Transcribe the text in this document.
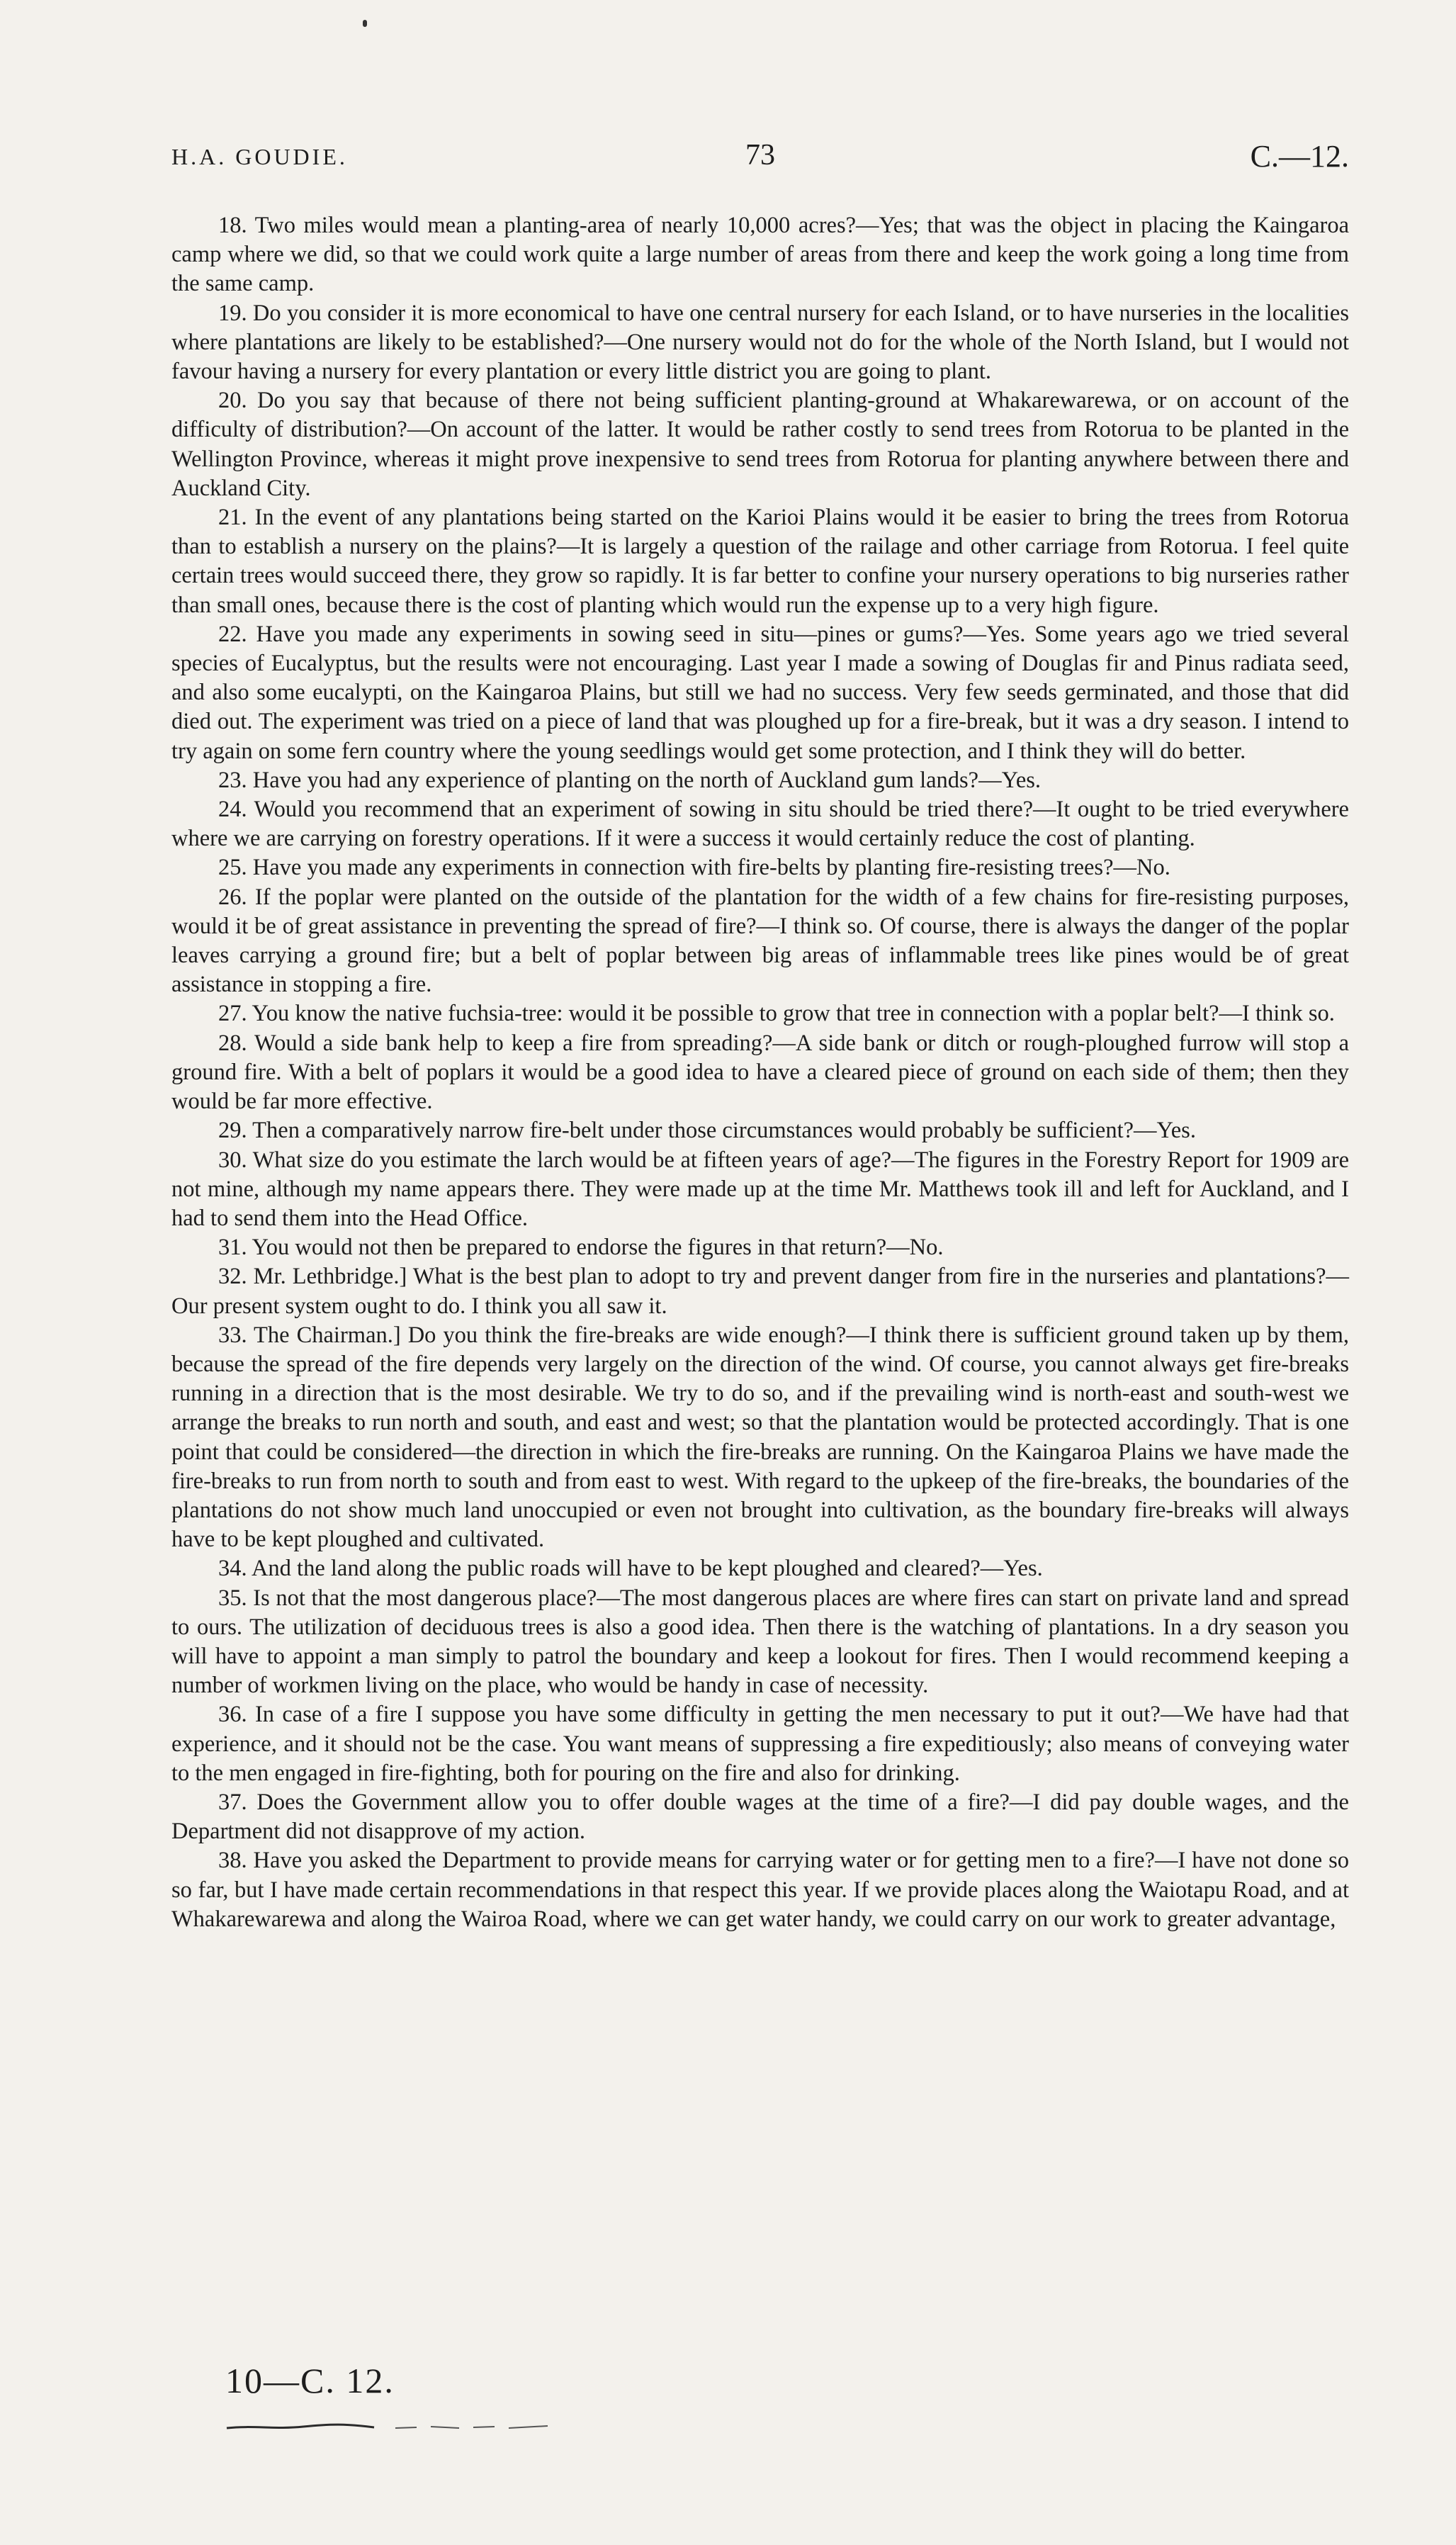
H.A. GOUDIE.	73	C.—12.

18. Two miles would mean a planting-area of nearly 10,000 acres?—Yes; that was the object in placing the Kaingaroa camp where we did, so that we could work quite a large number of areas from there and keep the work going a long time from the same camp.

19. Do you consider it is more economical to have one central nursery for each Island, or to have nurseries in the localities where plantations are likely to be established?—One nursery would not do for the whole of the North Island, but I would not favour having a nursery for every plantation or every little district you are going to plant.

20. Do you say that because of there not being sufficient planting-ground at Whakarewarewa, or on account of the difficulty of distribution?—On account of the latter. It would be rather costly to send trees from Rotorua to be planted in the Wellington Province, whereas it might prove inexpensive to send trees from Rotorua for planting anywhere between there and Auckland City.

21. In the event of any plantations being started on the Karioi Plains would it be easier to bring the trees from Rotorua than to establish a nursery on the plains?—It is largely a question of the railage and other carriage from Rotorua. I feel quite certain trees would succeed there, they grow so rapidly. It is far better to confine your nursery operations to big nurseries rather than small ones, because there is the cost of planting which would run the expense up to a very high figure.

22. Have you made any experiments in sowing seed in situ—pines or gums?—Yes. Some years ago we tried several species of Eucalyptus, but the results were not encouraging. Last year I made a sowing of Douglas fir and Pinus radiata seed, and also some eucalypti, on the Kaingaroa Plains, but still we had no success. Very few seeds germinated, and those that did died out. The experiment was tried on a piece of land that was ploughed up for a fire-break, but it was a dry season. I intend to try again on some fern country where the young seedlings would get some protection, and I think they will do better.

23. Have you had any experience of planting on the north of Auckland gum lands?—Yes.

24. Would you recommend that an experiment of sowing in situ should be tried there?—It ought to be tried everywhere where we are carrying on forestry operations. If it were a success it would certainly reduce the cost of planting.

25. Have you made any experiments in connection with fire-belts by planting fire-resisting trees?—No.

26. If the poplar were planted on the outside of the plantation for the width of a few chains for fire-resisting purposes, would it be of great assistance in preventing the spread of fire?—I think so. Of course, there is always the danger of the poplar leaves carrying a ground fire; but a belt of poplar between big areas of inflammable trees like pines would be of great assistance in stopping a fire.

27. You know the native fuchsia-tree: would it be possible to grow that tree in connection with a poplar belt?—I think so.

28. Would a side bank help to keep a fire from spreading?—A side bank or ditch or rough-ploughed furrow will stop a ground fire. With a belt of poplars it would be a good idea to have a cleared piece of ground on each side of them; then they would be far more effective.

29. Then a comparatively narrow fire-belt under those circumstances would probably be sufficient?—Yes.

30. What size do you estimate the larch would be at fifteen years of age?—The figures in the Forestry Report for 1909 are not mine, although my name appears there. They were made up at the time Mr. Matthews took ill and left for Auckland, and I had to send them into the Head Office.

31. You would not then be prepared to endorse the figures in that return?—No.

32. Mr. Lethbridge.] What is the best plan to adopt to try and prevent danger from fire in the nurseries and plantations?—Our present system ought to do. I think you all saw it.

33. The Chairman.] Do you think the fire-breaks are wide enough?—I think there is sufficient ground taken up by them, because the spread of the fire depends very largely on the direction of the wind. Of course, you cannot always get fire-breaks running in a direction that is the most desirable. We try to do so, and if the prevailing wind is north-east and south-west we arrange the breaks to run north and south, and east and west; so that the plantation would be protected accordingly. That is one point that could be considered—the direction in which the fire-breaks are running. On the Kaingaroa Plains we have made the fire-breaks to run from north to south and from east to west. With regard to the upkeep of the fire-breaks, the boundaries of the plantations do not show much land unoccupied or even not brought into cultivation, as the boundary fire-breaks will always have to be kept ploughed and cultivated.

34. And the land along the public roads will have to be kept ploughed and cleared?—Yes.

35. Is not that the most dangerous place?—The most dangerous places are where fires can start on private land and spread to ours. The utilization of deciduous trees is also a good idea. Then there is the watching of plantations. In a dry season you will have to appoint a man simply to patrol the boundary and keep a lookout for fires. Then I would recommend keeping a number of workmen living on the place, who would be handy in case of necessity.

36. In case of a fire I suppose you have some difficulty in getting the men necessary to put it out?—We have had that experience, and it should not be the case. You want means of suppressing a fire expeditiously; also means of conveying water to the men engaged in fire-fighting, both for pouring on the fire and also for drinking.

37. Does the Government allow you to offer double wages at the time of a fire?—I did pay double wages, and the Department did not disapprove of my action.

38. Have you asked the Department to provide means for carrying water or for getting men to a fire?—I have not done so so far, but I have made certain recommendations in that respect this year. If we provide places along the Waiotapu Road, and at Whakarewarewa and along the Wairoa Road, where we can get water handy, we could carry on our work to greater advantage,

10—C. 12.
